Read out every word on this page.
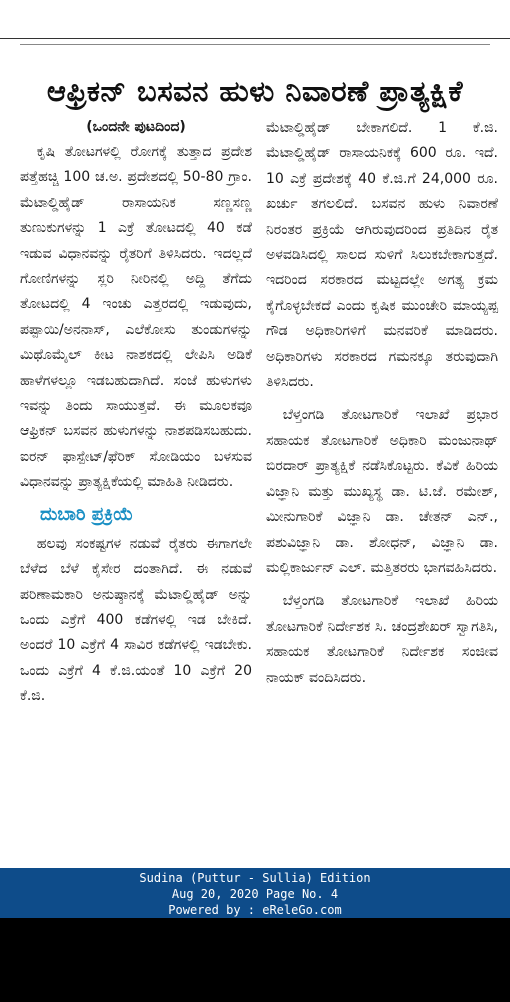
ಆಫ್ರಿಕನ್ ಬಸವನ ಹುಳು ನಿವಾರಣೆ ಪ್ರಾತ್ಯಕ್ಷಿಕೆ
(ಒಂದನೇ ಪುಟದಿಂದ)

ಕೃಷಿ ತೋಟಗಳಲ್ಲಿ ರೋಗಕ್ಕೆ ತುತ್ತಾದ ಪ್ರದೇಶ ಪತ್ತೆಹಚ್ಚಿ 100 ಚ.ಅ. ಪ್ರದೇಶದಲ್ಲಿ 50-80 ಗ್ರಾಂ. ಮೆಟಾಲ್ಡಿಹೈಡ್ ರಾಸಾಯನಿಕ ಸಣ್ಣಸಣ್ಣ ತುಣುಕುಗಳನ್ನು 1 ಎಕ್ರೆ ತೋಟದಲ್ಲಿ 40 ಕಡೆ ಇಡುವ ವಿಧಾನವನ್ನು ರೈತರಿಗೆ ತಿಳಿಸಿದರು. ಇದಲ್ಲದೆ ಗೋಣಿಗಳನ್ನು ಸ್ಲರಿ ನೀರಿನಲ್ಲಿ ಅದ್ದಿ ತೆಗೆದು ತೋಟದಲ್ಲಿ 4 ಇಂಚು ಎತ್ತರದಲ್ಲಿ ಇಡುವುದು, ಪಪ್ಪಾಯಿ/ಅನನಾಸ್, ಎಲೆಕೋಸು ತುಂಡುಗಳನ್ನು ಮಿಥೊಮೈಲ್ ಕೀಟ ನಾಶಕದಲ್ಲಿ ಲೇಪಿಸಿ ಅಡಿಕೆ ಹಾಳೆಗಳಲ್ಲೂ ಇಡಬಹುದಾಗಿದೆ. ಸಂಜೆ ಹುಳುಗಳು ಇವನ್ನು ತಿಂದು ಸಾಯುತ್ತವೆ. ಈ ಮೂಲಕವೂ ಆಫ್ರಿಕನ್ ಬಸವನ ಹುಳುಗಳನ್ನು ನಾಶಪಡಿಸಬಹುದು. ಐರನ್ ಫಾಸ್ಪೇಟ್/ಫೆರಿಕ್ ಸೋಡಿಯಂ ಬಳಸುವ ವಿಧಾನವನ್ನು ಪ್ರಾತ್ಯಕ್ಷಿಕೆಯಲ್ಲಿ ಮಾಹಿತಿ ನೀಡಿದರು.

ದುಬಾರಿ ಪ್ರಕ್ರಿಯೆ

ಹಲವು ಸಂಕಷ್ಟಗಳ ನಡುವೆ ರೈತರು ಈಗಾಗಲೇ ಬೆಳೆದ ಬೆಳೆ ಕೈಸೇರ ದಂತಾಗಿದೆ. ಈ ನಡುವೆ ಪರಿಣಾಮಕಾರಿ ಅನುಷ್ಠಾನಕ್ಕೆ ಮೆಟಾಲ್ಡಿಹೈಡ್ ಅನ್ನು ಒಂದು ಎಕ್ರೆಗೆ 400 ಕಡೆಗಳಲ್ಲಿ ಇಡ ಬೇಕಿದೆ. ಅಂದರೆ 10 ಎಕ್ರೆಗೆ 4 ಸಾವಿರ ಕಡೆಗಳಲ್ಲಿ ಇಡಬೇಕು. ಒಂದು ಎಕ್ರೆಗೆ 4 ಕೆ.ಜಿ.ಯಂತೆ 10 ಎಕ್ರೆಗೆ 20 ಕೆ.ಜಿ.

ಮೆಟಾಲ್ಡಿಹೈಡ್ ಬೇಕಾಗಲಿದೆ. 1 ಕೆ.ಜಿ. ಮೆಟಾಲ್ಡಿಹೈಡ್ ರಾಸಾಯನಿಕಕ್ಕೆ 600 ರೂ. ಇದೆ. 10 ಎಕ್ರೆ ಪ್ರದೇಶಕ್ಕೆ 40 ಕೆ.ಜಿ.ಗೆ 24,000 ರೂ. ಖರ್ಚು ತಗಲಲಿದೆ. ಬಸವನ ಹುಳು ನಿವಾರಣೆ ನಿರಂತರ ಪ್ರಕ್ರಿಯೆ ಆಗಿರುವುದರಿಂದ ಪ್ರತಿದಿನ ರೈತ ಅಳವಡಿಸಿದಲ್ಲಿ ಸಾಲದ ಸುಳಿಗೆ ಸಿಲುಕಬೇಕಾಗುತ್ತದೆ. ಇದರಿಂದ ಸರಕಾರದ ಮಟ್ಟದಲ್ಲೇ ಅಗತ್ಯ ಕ್ರಮ ಕೈಗೊಳ್ಳಬೇಕದೆ ಎಂದು ಕೃಷಿಕ ಮುಂಚೇರಿ ಮಾಯ್ಯಪ್ಪ ಗೌಡ ಅಧಿಕಾರಿಗಳಿಗೆ ಮನವರಿಕೆ ಮಾಡಿದರು. ಅಧಿಕಾರಿಗಳು ಸರಕಾರದ ಗಮನಕ್ಕೂ ತರುವುದಾಗಿ ತಿಳಿಸಿದರು.

ಬೆಳ್ತಂಗಡಿ ತೋಟಗಾರಿಕೆ ಇಲಾಖೆ ಪ್ರಭಾರ ಸಹಾಯಕ ತೋಟಗಾರಿಕೆ ಅಧಿಕಾರಿ ಮಂಜುನಾಥ್ ಬಿರದಾರ್ ಪ್ರಾತ್ಯಕ್ಷಿಕೆ ನಡೆಸಿಕೊಟ್ಟರು. ಕೆವಿಕೆ ಹಿರಿಯ ವಿಜ್ಞಾನಿ ಮತ್ತು ಮುಖ್ಯಸ್ಥ ಡಾ. ಟಿ.ಜೆ. ರಮೇಶ್, ಮೀನುಗಾರಿಕೆ ವಿಜ್ಞಾನಿ ಡಾ. ಚೇತನ್ ಎನ್., ಪಶುವಿಜ್ಞಾನಿ ಡಾ. ಶೋಧನ್, ವಿಜ್ಞಾನಿ ಡಾ. ಮಲ್ಲಿಕಾರ್ಜುನ್ ಎಲ್. ಮತ್ತಿತರರು ಭಾಗವಹಿಸಿದರು.

ಬೆಳ್ತಂಗಡಿ ತೋಟಗಾರಿಕೆ ಇಲಾಖೆ ಹಿರಿಯ ತೋಟಗಾರಿಕೆ ನಿರ್ದೇಶಕ ಸಿ. ಚಂದ್ರಶೇಖರ್ ಸ್ವಾಗತಿಸಿ, ಸಹಾಯಕ ತೋಟಗಾರಿಕೆ ನಿರ್ದೇಶಕ ಸಂಜೀವ ನಾಯಕ್ ವಂದಿಸಿದರು.

Sudina (Puttur - Sullia) Edition
Aug 20, 2020 Page No. 4
Powered by : eReleGo.com
